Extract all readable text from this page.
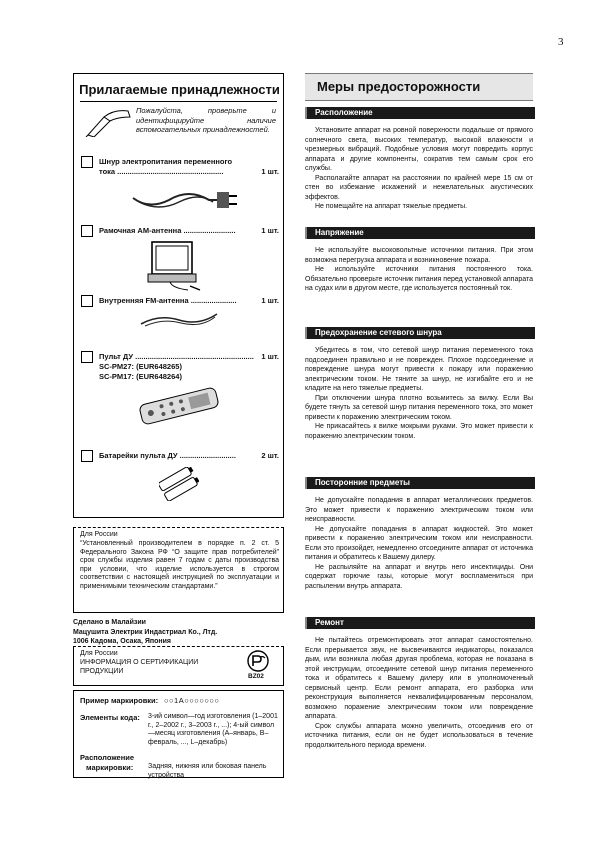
3
Прилагаемые принадлежности
Пожалуйста, проверьте и идентифицируйте наличие вспомогательных принадлежностей.
Шнур электропитания переменного
тока ...................................................	1 шт.
Рамочная АМ-антенна .........................	1 шт.
Внутренняя FM-антенна ......................	1 шт.
Пульт ДУ ......................................................... 1 шт.
SC-PM27: (EUR648265)
SC-PM17: (EUR648264)
Батарейки пульта ДУ ...........................	2 шт.
Для России
“Установленный производителем в порядке п. 2 ст. 5 Федерального Закона РФ “О защите прав потребителей” срок службы изделия равен 7 годам с даты производства при условии, что изделие используется в строгом соответствии с настоящей инструкцией по эксплуатации и применимыми техническим стандартами.”
Сделано в Малайзии
Мацушита Электрик Индастриал Ко., Лтд.
1006 Кадома, Осака, Япония
Для России
ИНФОРМАЦИЯ О СЕРТИФИКАЦИИ
ПРОДУКЦИИ
BZ02
Пример маркировки: ○○1А○○○○○○○
Элементы кода: 3-ий символ—год изготовления (1–2001 г., 2–2002 г., 3–2003 г., ...); 4-ый символ—месяц изготовления (А–январь, В–февраль, ..., L–декабрь)
Расположение
маркировки: Задняя, нижняя или боковая панель устройства
Меры предосторожности
Расположение

Установите аппарат на ровной поверхности подальше от прямого солнечного света, высоких температур, высокой влажности и чрезмерных вибраций. Подобные условия могут повредить корпус аппарата и другие компоненты, сократив тем самым срок его службы.

Располагайте аппарат на расстоянии по крайней мере 15 см от стен во избежание искажений и нежелательных акустических эффектов.

Не помещайте на аппарат тяжелые предметы.

Напряжение

Не используйте высоковольтные источники питания. При этом возможна перегрузка аппарата и возникновение пожара.

Не используйте источники питания постоянного тока. Обязательно проверьте источник питания перед установкой аппарата на судах или в другом месте, где используется постоянный ток.

Предохранение сетевого шнура

Убедитесь в том, что сетевой шнур питания переменного тока подсоединен правильно и не поврежден. Плохое подсоединение и повреждение шнура могут привести к пожару или поражению электрическим током. Не тяните за шнур, не изгибайте его и не кладите на него тяжелые предметы.

При отключении шнура плотно возьмитесь за вилку. Если Вы будете тянуть за сетевой шнур питания переменного тока, это может привести к поражению электрическим током.

Не прикасайтесь к вилке мокрыми руками. Это может привести к поражению электрическим током.

Посторонние предметы

Не допускайте попадания в аппарат металлических предметов. Это может привести к поражению электрическим током или неисправности.

Не допускайте попадания в аппарат жидкостей. Это может привести к поражению электрическим током или неисправности. Если это произойдет, немедленно отсоедините аппарат от источника питания и обратитесь к Вашему дилеру.

Не распыляйте на аппарат и внутрь него инсектициды. Они содержат горючие газы, которые могут воспламениться при распылении внутрь аппарата.

Ремонт

Не пытайтесь отремонтировать этот аппарат самостоятельно. Если прерывается звук, не высвечиваются индикаторы, показался дым, или возникла любая другая проблема, которая не показана в этой инструкции, отсоедините сетевой шнур питания переменного тока и обратитесь к Вашему дилеру или в уполномоченный сервисный центр. Если ремонт аппарата, его разборка или реконструкция выполняется неквалифицированным персоналом, возможно поражение электрическим током или повреждение аппарата.

Срок службы аппарата можно увеличить, отсоединив его от источника питания, если он не будет использоваться в течение продолжительного периода времени.
